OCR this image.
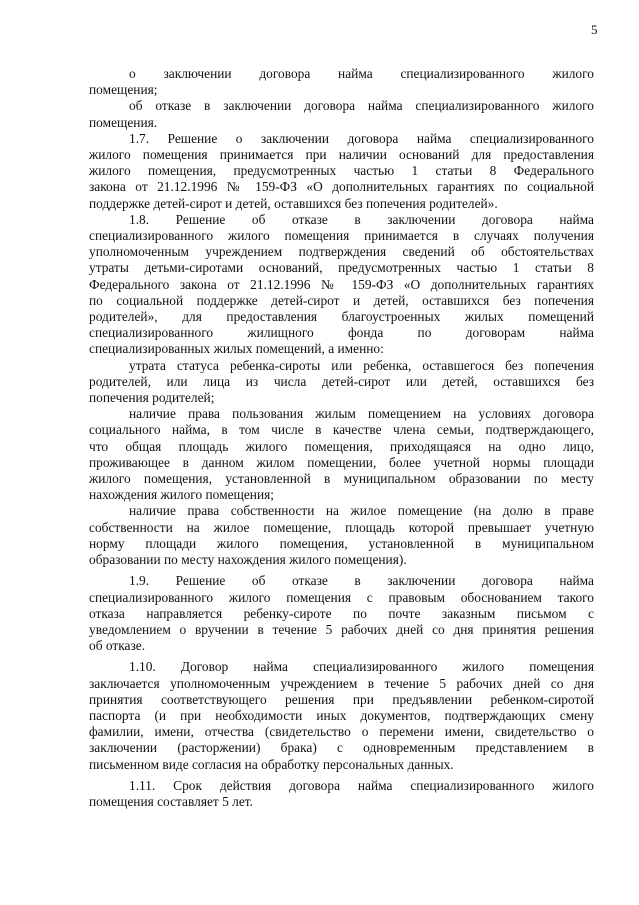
5

о заключении договора найма специализированного жилого

помещения;

об отказе в заключении договора найма специализированного жилого

помещения.

1.7. Решение о заключении договора найма специализированного

жилого помещения принимается при наличии оснований для предоставления

жилого помещения, предусмотренных частью 1 статьи 8 Федерального

закона от 21.12.1996 № 159-ФЗ «О дополнительных гарантиях по социальной

поддержке детей-сирот и детей, оставшихся без попечения родителей».

1.8. Решение об отказе в заключении договора найма

специализированного жилого помещения принимается в случаях получения

уполномоченным учреждением подтверждения сведений об обстоятельствах

утраты детьми-сиротами оснований, предусмотренных частью 1 статьи 8

Федерального закона от 21.12.1996 № 159-ФЗ «О дополнительных гарантиях

по социальной поддержке детей-сирот и детей, оставшихся без попечения

родителей», для предоставления благоустроенных жилых помещений

специализированного жилищного фонда по договорам найма

специализированных жилых помещений, а именно:

утрата статуса ребенка-сироты или ребенка, оставшегося без попечения

родителей, или лица из числа детей-сирот или детей, оставшихся без

попечения родителей;

наличие права пользования жилым помещением на условиях договора

социального найма, в том числе в качестве члена семьи, подтверждающего,

что общая площадь жилого помещения, приходящаяся на одно лицо,

проживающее в данном жилом помещении, более учетной нормы площади

жилого помещения, установленной в муниципальном образовании по месту

нахождения жилого помещения;

наличие права собственности на жилое помещение (на долю в праве

собственности на жилое помещение, площадь которой превышает учетную

норму площади жилого помещения, установленной в муниципальном

образовании по месту нахождения жилого помещения).

1.9. Решение об отказе в заключении договора найма

специализированного жилого помещения с правовым обоснованием такого

отказа направляется ребенку-сироте по почте заказным письмом с

уведомлением о вручении в течение 5 рабочих дней со дня принятия решения

об отказе.

1.10. Договор найма специализированного жилого помещения

заключается уполномоченным учреждением в течение 5 рабочих дней со дня

принятия соответствующего решения при предъявлении ребенком-сиротой

паспорта (и при необходимости иных документов, подтверждающих смену

фамилии, имени, отчества (свидетельство о перемени имени, свидетельство о

заключении (расторжении) брака) с одновременным представлением в

письменном виде согласия на обработку персональных данных.

1.11. Срок действия договора найма специализированного жилого

помещения составляет 5 лет.
